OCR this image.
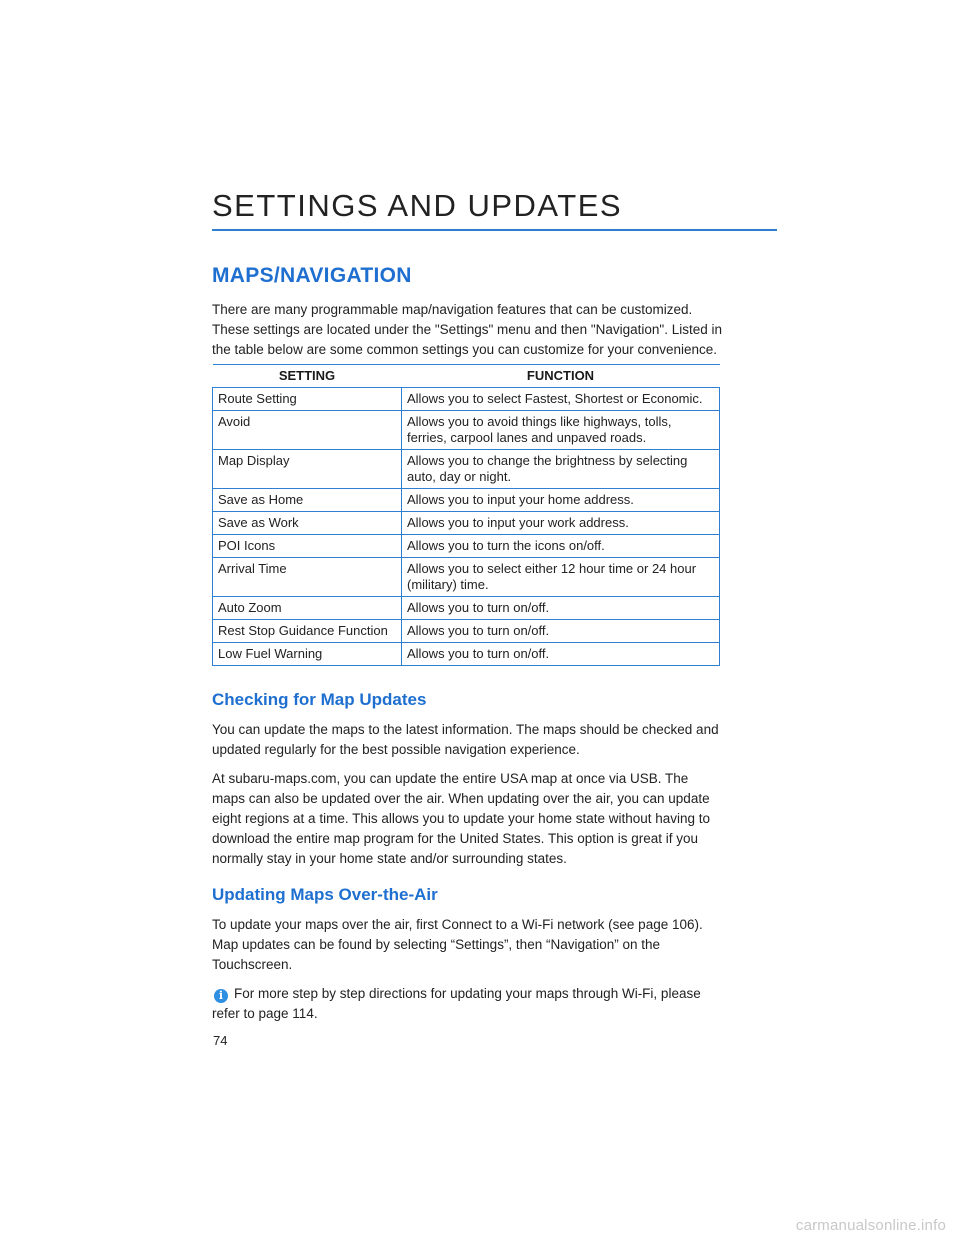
SETTINGS AND UPDATES
MAPS/NAVIGATION

There are many programmable map/navigation features that can be customized. These settings are located under the "Settings" menu and then "Navigation". Listed in the table below are some common settings you can customize for your convenience.

SETTING	FUNCTION
Route Setting	Allows you to select Fastest, Shortest or Economic.
Avoid	Allows you to avoid things like highways, tolls, ferries, carpool lanes and unpaved roads.
Map Display	Allows you to change the brightness by selecting auto, day or night.
Save as Home	Allows you to input your home address.
Save as Work	Allows you to input your work address.
POI Icons	Allows you to turn the icons on/off.
Arrival Time	Allows you to select either 12 hour time or 24 hour (military) time.
Auto Zoom	Allows you to turn on/off.
Rest Stop Guidance Function	Allows you to turn on/off.
Low Fuel Warning	Allows you to turn on/off.
Checking for Map Updates

You can update the maps to the latest information. The maps should be checked and updated regularly for the best possible navigation experience.

At subaru-maps.com, you can update the entire USA map at once via USB. The maps can also be updated over the air. When updating over the air, you can update eight regions at a time. This allows you to update your home state without having to download the entire map program for the United States. This option is great if you normally stay in your home state and/or surrounding states.

Updating Maps Over-the-Air

To update your maps over the air, first Connect to a Wi-Fi network (see page 106). Map updates can be found by selecting “Settings”, then “Navigation” on the Touchscreen.

i For more step by step directions for updating your maps through Wi-Fi, please refer to page 114.

74
carmanualsonline.info
